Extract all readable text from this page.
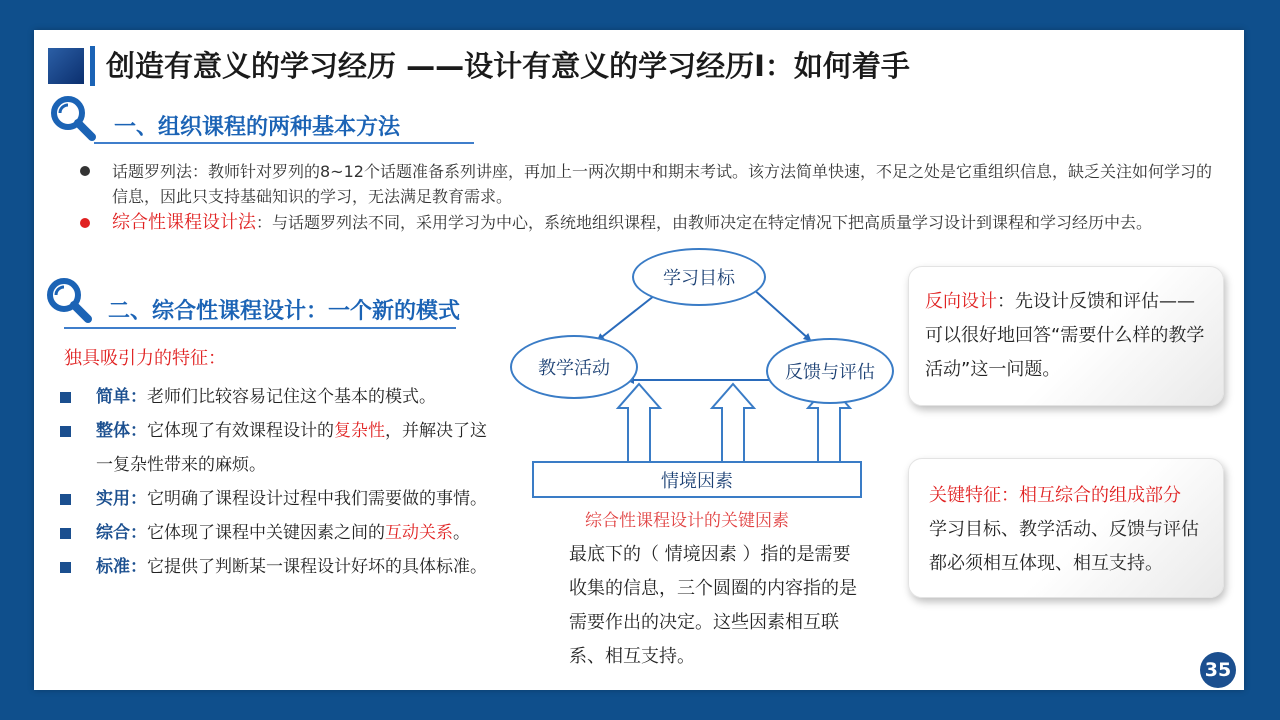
创造有意义的学习经历 ——设计有意义的学习经历Ⅰ：如何着手
一、组织课程的两种基本方法
话题罗列法：教师针对罗列的8~12个话题准备系列讲座，再加上一两次期中和期末考试。该方法简单快速，不足之处是它重组织信息，缺乏关注如何学习的信息，因此只支持基础知识的学习，无法满足教育需求。
综合性课程设计法：与话题罗列法不同，采用学习为中心，系统地组织课程，由教师决定在特定情况下把高质量学习设计到课程和学习经历中去。
二、综合性课程设计：一个新的模式
独具吸引力的特征：
简单：老师们比较容易记住这个基本的模式。
整体：它体现了有效课程设计的复杂性，并解决了这 一复杂性带来的麻烦。
实用：它明确了课程设计过程中我们需要做的事情。
综合：它体现了课程中关键因素之间的互动关系。
标准：它提供了判断某一课程设计好坏的具体标准。
学习目标
教学活动	反馈与评估
情境因素
综合性课程设计的关键因素
最底下的（ 情境因素 ）指的是需要收集的信息，三个圆圈的内容指的是需要作出的决定。这些因素相互联系、相互支持。
反向设计：先设计反馈和评估——可以很好地回答“需要什么样的教学活动”这一问题。
关键特征：相互综合的组成部分
学习目标、教学活动、反馈与评估都必须相互体现、相互支持。
35
